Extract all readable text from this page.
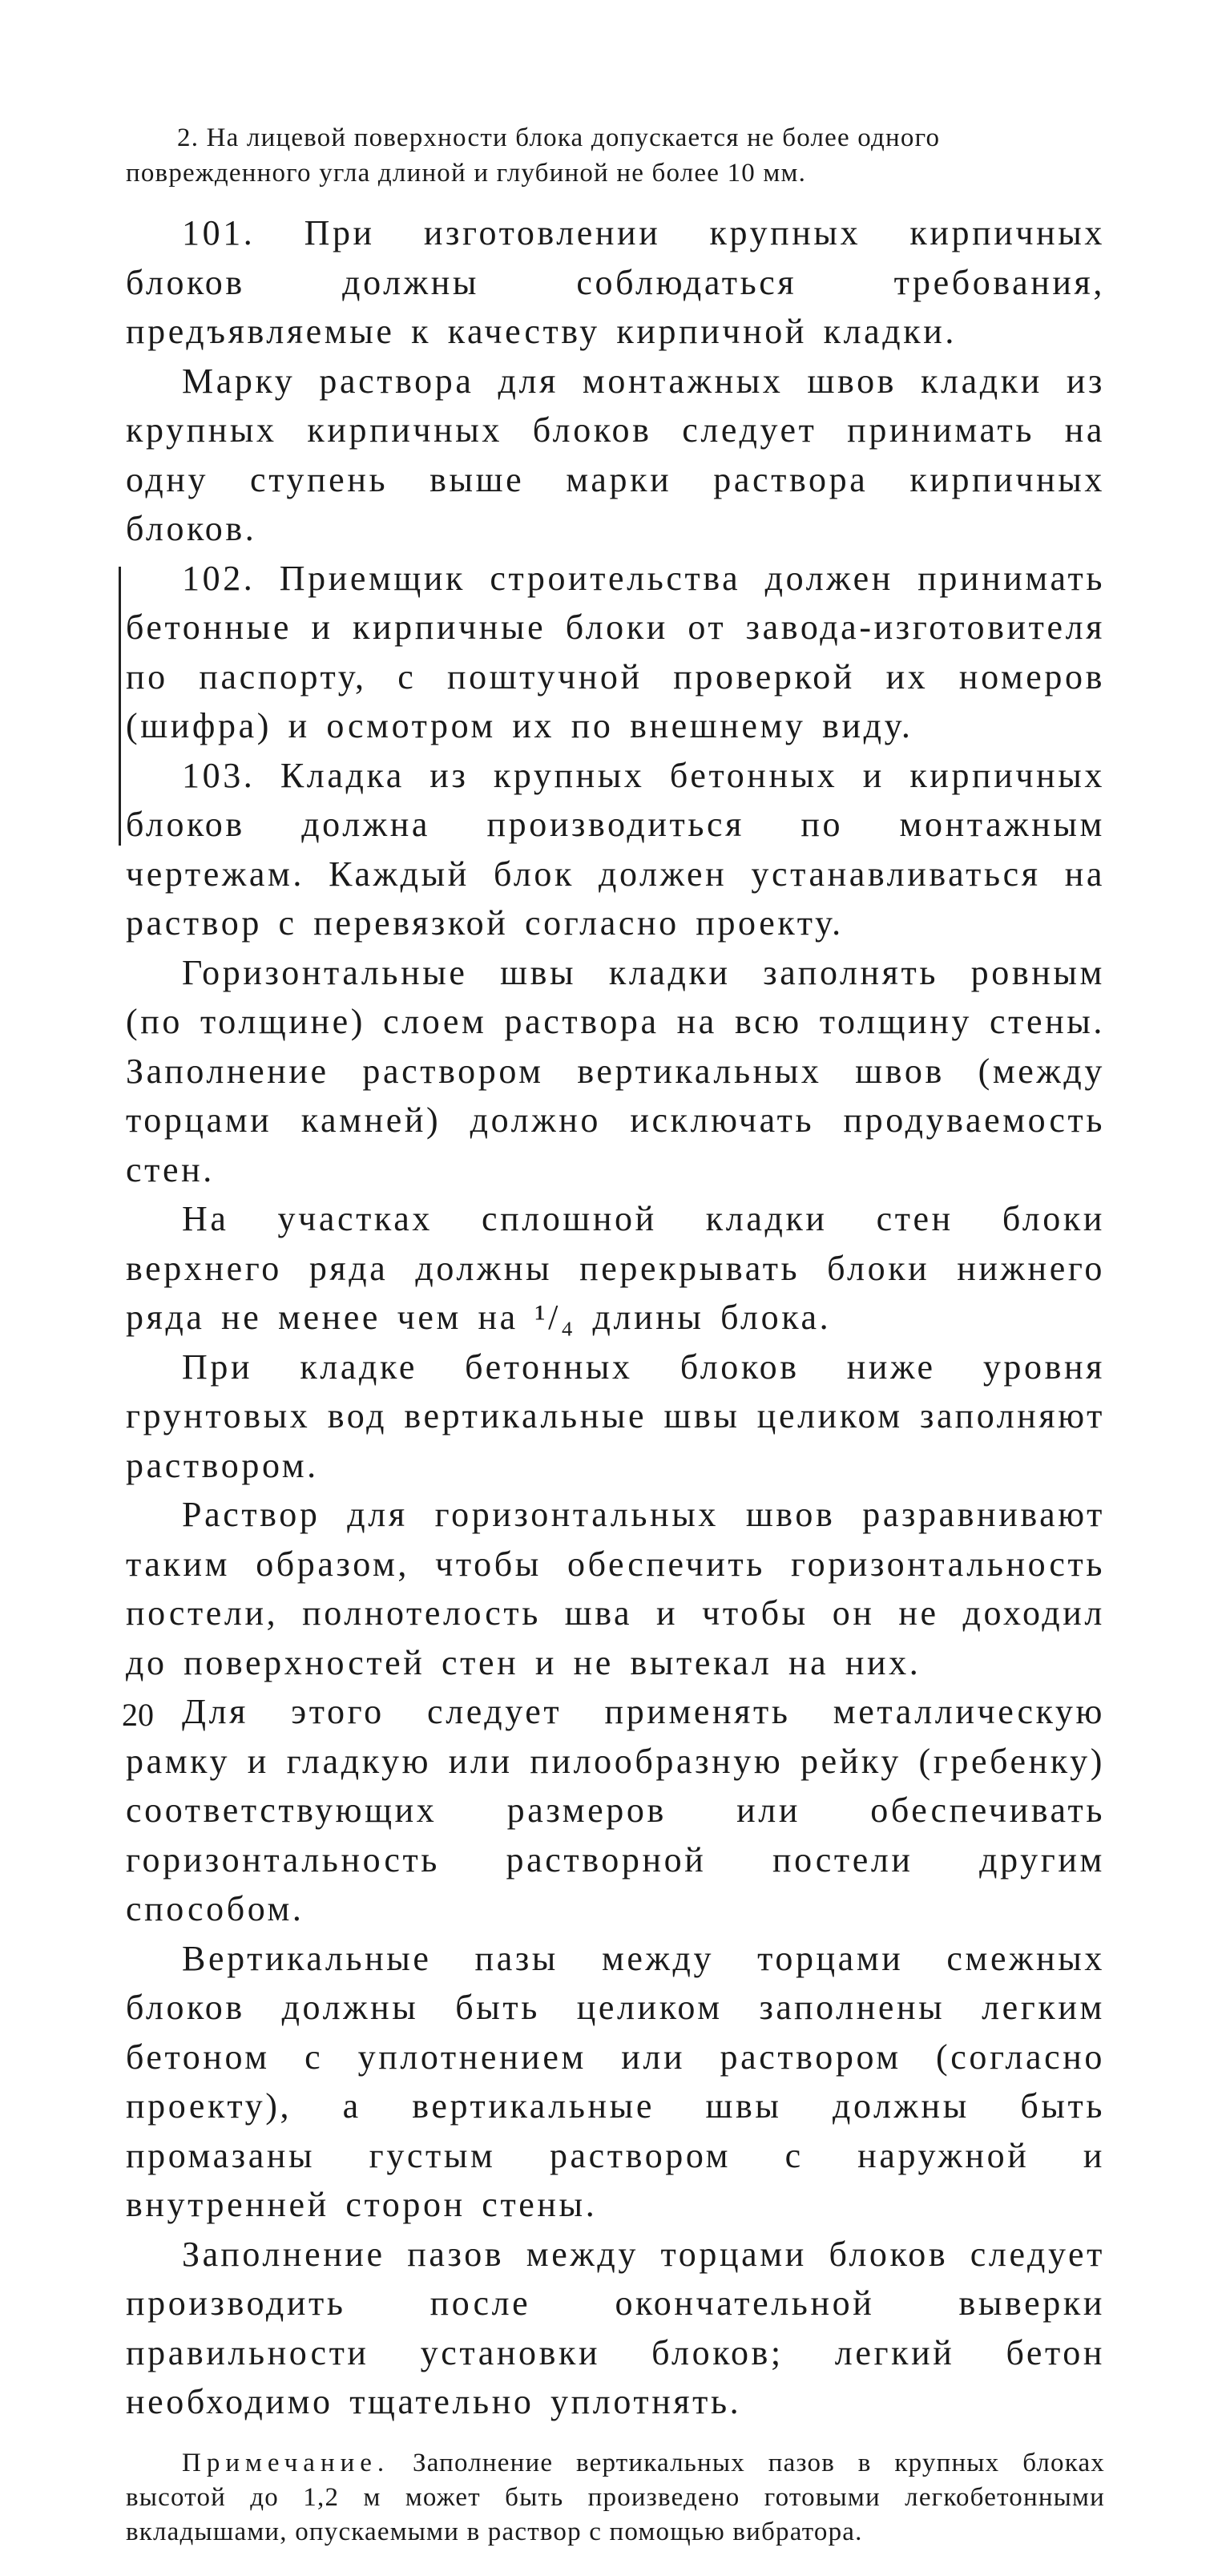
2. На лицевой поверхности блока допускается не более одного
поврежденного угла длиной и глубиной не более 10 мм.

101. При изготовлении крупных кирпичных блоков должны соблюдаться требования, предъявляемые к качеству кирпичной кладки.

Марку раствора для монтажных швов кладки из крупных кирпичных блоков следует принимать на одну ступень выше марки раствора кирпичных блоков.

102. Приемщик строительства должен принимать бетонные и кирпичные блоки от завода-изготовителя по паспорту, с поштучной проверкой их номеров (шифра) и осмотром их по внешнему виду.

103. Кладка из крупных бетонных и кирпичных блоков должна производиться по монтажным чертежам. Каждый блок должен устанавливаться на раствор с перевязкой согласно проекту.

Горизонтальные швы кладки заполнять ровным (по толщине) слоем раствора на всю толщину стены. Заполнение раствором вертикальных швов (между торцами камней) должно исключать продуваемость стен.

На участках сплошной кладки стен блоки верхнего ряда должны перекрывать блоки нижнего ряда не менее чем на ¹/₄ длины блока.

При кладке бетонных блоков ниже уровня грунтовых вод вертикальные швы целиком заполняют раствором.

Раствор для горизонтальных швов разравнивают таким образом, чтобы обеспечить горизонтальность постели, полнотелость шва и чтобы он не доходил до поверхностей стен и не вытекал на них.

Для этого следует применять металлическую рамку и гладкую или пилообразную рейку (гребенку) соответствующих размеров или обеспечивать горизонтальность растворной постели другим способом.

Вертикальные пазы между торцами смежных блоков должны быть целиком заполнены легким бетоном с уплотнением или раствором (согласно проекту), а вертикальные швы должны быть промазаны густым раствором с наружной и внутренней сторон стены.

Заполнение пазов между торцами блоков следует производить после окончательной выверки правильности установки блоков; легкий бетон необходимо тщательно уплотнять.

Примечание. Заполнение вертикальных пазов в крупных блоках высотой до 1,2 м может быть произведено готовыми легкобетонными вкладышами, опускаемыми в раствор с помощью вибратора.

20
